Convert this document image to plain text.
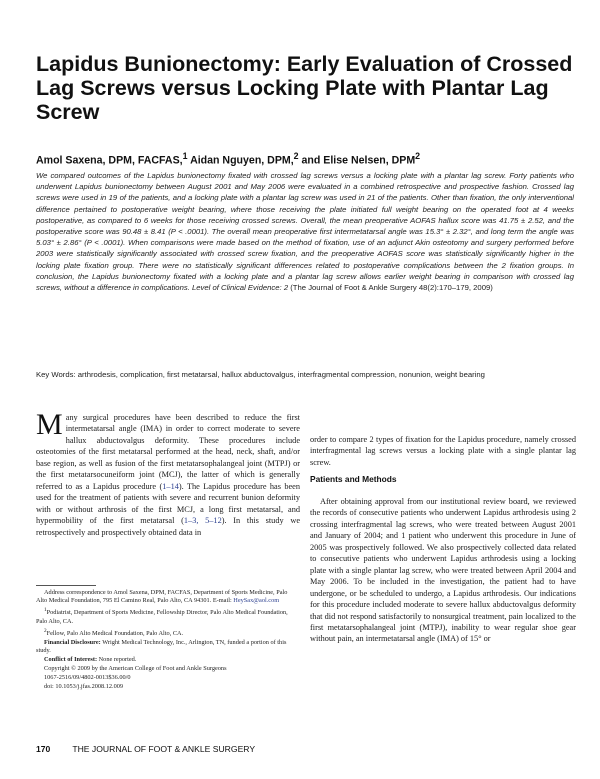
Lapidus Bunionectomy: Early Evaluation of Crossed Lag Screws versus Locking Plate with Plantar Lag Screw

Amol Saxena, DPM, FACFAS,$^1$ Aidan Nguyen, DPM,$^2$ and Elise Nelsen, DPM$^2$

We compared outcomes of the Lapidus bunionectomy fixated with crossed lag screws versus a locking plate with a plantar lag screw. Forty patients who underwent Lapidus bunionectomy between August 2001 and May 2006 were evaluated in a combined retrospective and prospective fashion. Crossed lag screws were used in 19 of the patients, and a locking plate with a plantar lag screw was used in 21 of the patients. Other than fixation, the only interventional difference pertained to postoperative weight bearing, where those receiving the plate initiated full weight bearing on the operated foot at 4 weeks postoperative, as compared to 6 weeks for those receiving crossed screws. Overall, the mean preoperative AOFAS hallux score was 41.75 ± 2.52, and the postoperative score was 90.48 ± 8.41 (P < .0001). The overall mean preoperative first intermetatarsal angle was 15.3° ± 2.32°, and long term the angle was 5.03° ± 2.86° (P < .0001). When comparisons were made based on the method of fixation, use of an adjunct Akin osteotomy and surgery performed before 2003 were statistically significantly associated with crossed screw fixation, and the preoperative AOFAS score was statistically significantly higher in the locking plate fixation group. There were no statistically significant differences related to postoperative complications between the 2 fixation groups. In conclusion, the Lapidus bunionectomy fixated with a locking plate and a plantar lag screw allows earlier weight bearing in comparison with crossed lag screws, without a difference in complications. Level of Clinical Evidence: 2 (The Journal of Foot & Ankle Surgery 48(2):170–179, 2009)

Key Words: arthrodesis, complication, first metatarsal, hallux abductovalgus, interfragmental compression, nonunion, weight bearing

Many surgical procedures have been described to reduce the first intermetatarsal angle (IMA) in order to correct moderate to severe hallux abductovalgus deformity. These procedures include osteotomies of the first metatarsal performed at the head, neck, shaft, and/or base region, as well as fusion of the first metatarsophalangeal joint (MTPJ) or the first metatarsocuneiform joint (MCJ), the latter of which is generally referred to as a Lapidus procedure (1–14). The Lapidus procedure has been used for the treatment of patients with severe and recurrent bunion deformity with or without arthrosis of the first MCJ, a long first metatarsal, and hypermobility of the first metatarsal (1–3, 5–12). In this study we retrospectively and prospectively obtained data in

order to compare 2 types of fixation for the Lapidus procedure, namely crossed interfragmental lag screws versus a locking plate with a single plantar lag screw.

Patients and Methods

After obtaining approval from our institutional review board, we reviewed the records of consecutive patients who underwent Lapidus arthrodesis using 2 crossing interfragmental lag screws, who were treated between August 2001 and January of 2004; and 1 patient who underwent this procedure in June of 2005 was prospectively followed. We also prospectively collected data related to consecutive patients who underwent Lapidus arthrodesis using a locking plate with a single plantar lag screw, who were treated between April 2004 and May 2006. To be included in the investigation, the patient had to have undergone, or be scheduled to undergo, a Lapidus arthrodesis. Our indications for this procedure included moderate to severe hallux abductovalgus deformity that did not respond satisfactorily to nonsurgical treatment, pain localized to the first metatarsophalangeal joint (MTPJ), inability to wear regular shoe gear without pain, an intermetatarsal angle (IMA) of 15° or

Address correspondence to Amol Saxena, DPM, FACFAS, Department of Sports Medicine, Palo Alto Medical Foundation, 795 El Camino Real, Palo Alto, CA 94301. E-mail: HeySax@aol.com

$^1$Podiatrist, Department of Sports Medicine, Fellowship Director, Palo Alto Medical Foundation, Palo Alto, CA.

$^2$Fellow, Palo Alto Medical Foundation, Palo Alto, CA.

Financial Disclosure: Wright Medical Technology, Inc., Arlington, TN, funded a portion of this study.

Conflict of Interest: None reported.

Copyright © 2009 by the American College of Foot and Ankle Surgeons

1067-2516/09/4802-0013$36.00/0

doi: 10.1053/j.jfas.2008.12.009

170	THE JOURNAL OF FOOT & ANKLE SURGERY
